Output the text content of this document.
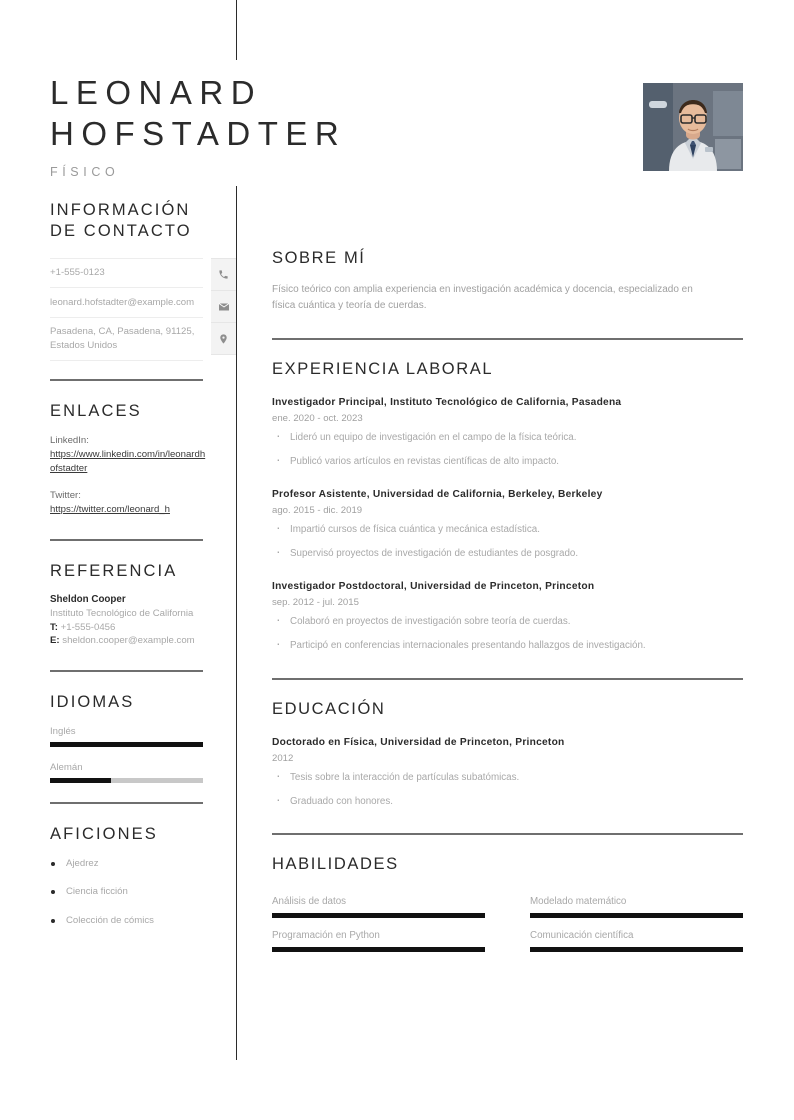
LEONARD
HOFSTADTER
FÍSICO
INFORMACIÓN
DE CONTACTO
+1-555-0123
leonard.hofstadter@example.com
Pasadena, CA, Pasadena, 91125, Estados Unidos
ENLACES
LinkedIn:
https://www.linkedin.com/in/leonardhofstadter
Twitter:
https://twitter.com/leonard_h
REFERENCIA
Sheldon Cooper
Instituto Tecnológico de California
T: +1-555-0456
E: sheldon.cooper@example.com
IDIOMAS
Inglés
Alemán
AFICIONES
Ajedrez
Ciencia ficción
Colección de cómics
SOBRE MÍ
Físico teórico con amplia experiencia en investigación académica y docencia, especializado en física cuántica y teoría de cuerdas.
EXPERIENCIA LABORAL
Investigador Principal, Instituto Tecnológico de California, Pasadena
ene. 2020 - oct. 2023
· Lideró un equipo de investigación en el campo de la física teórica.
· Publicó varios artículos en revistas científicas de alto impacto.
Profesor Asistente, Universidad de California, Berkeley, Berkeley
ago. 2015 - dic. 2019
· Impartió cursos de física cuántica y mecánica estadística.
· Supervisó proyectos de investigación de estudiantes de posgrado.
Investigador Postdoctoral, Universidad de Princeton, Princeton
sep. 2012 - jul. 2015
· Colaboró en proyectos de investigación sobre teoría de cuerdas.
· Participó en conferencias internacionales presentando hallazgos de investigación.
EDUCACIÓN
Doctorado en Física, Universidad de Princeton, Princeton
2012
· Tesis sobre la interacción de partículas subatómicas.
· Graduado con honores.
HABILIDADES
Análisis de datos	Modelado matemático
Programación en Python	Comunicación científica
